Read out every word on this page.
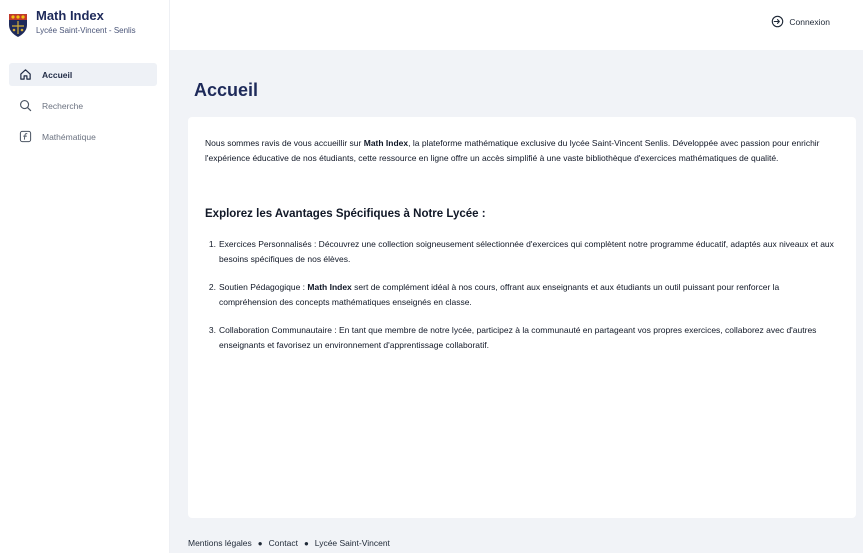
Math Index
Lycée Saint-Vincent - Senlis
Accueil
Recherche
Mathématique
Connexion
Accueil

Nous sommes ravis de vous accueillir sur Math Index, la plateforme mathématique exclusive du lycée Saint-Vincent Senlis. Développée avec passion pour enrichir l'expérience éducative de nos étudiants, cette ressource en ligne offre un accès simplifié à une vaste bibliothèque d'exercices mathématiques de qualité.

Explorez les Avantages Spécifiques à Notre Lycée :
1. Exercices Personnalisés : Découvrez une collection soigneusement sélectionnée d'exercices qui complètent notre programme éducatif, adaptés aux niveaux et aux besoins spécifiques de nos élèves.
2. Soutien Pédagogique : Math Index sert de complément idéal à nos cours, offrant aux enseignants et aux étudiants un outil puissant pour renforcer la compréhension des concepts mathématiques enseignés en classe.
3. Collaboration Communautaire : En tant que membre de notre lycée, participez à la communauté en partageant vos propres exercices, collaborez avec d'autres enseignants et favorisez un environnement d'apprentissage collaboratif.
Mentions légales ● Contact ● Lycée Saint-Vincent
